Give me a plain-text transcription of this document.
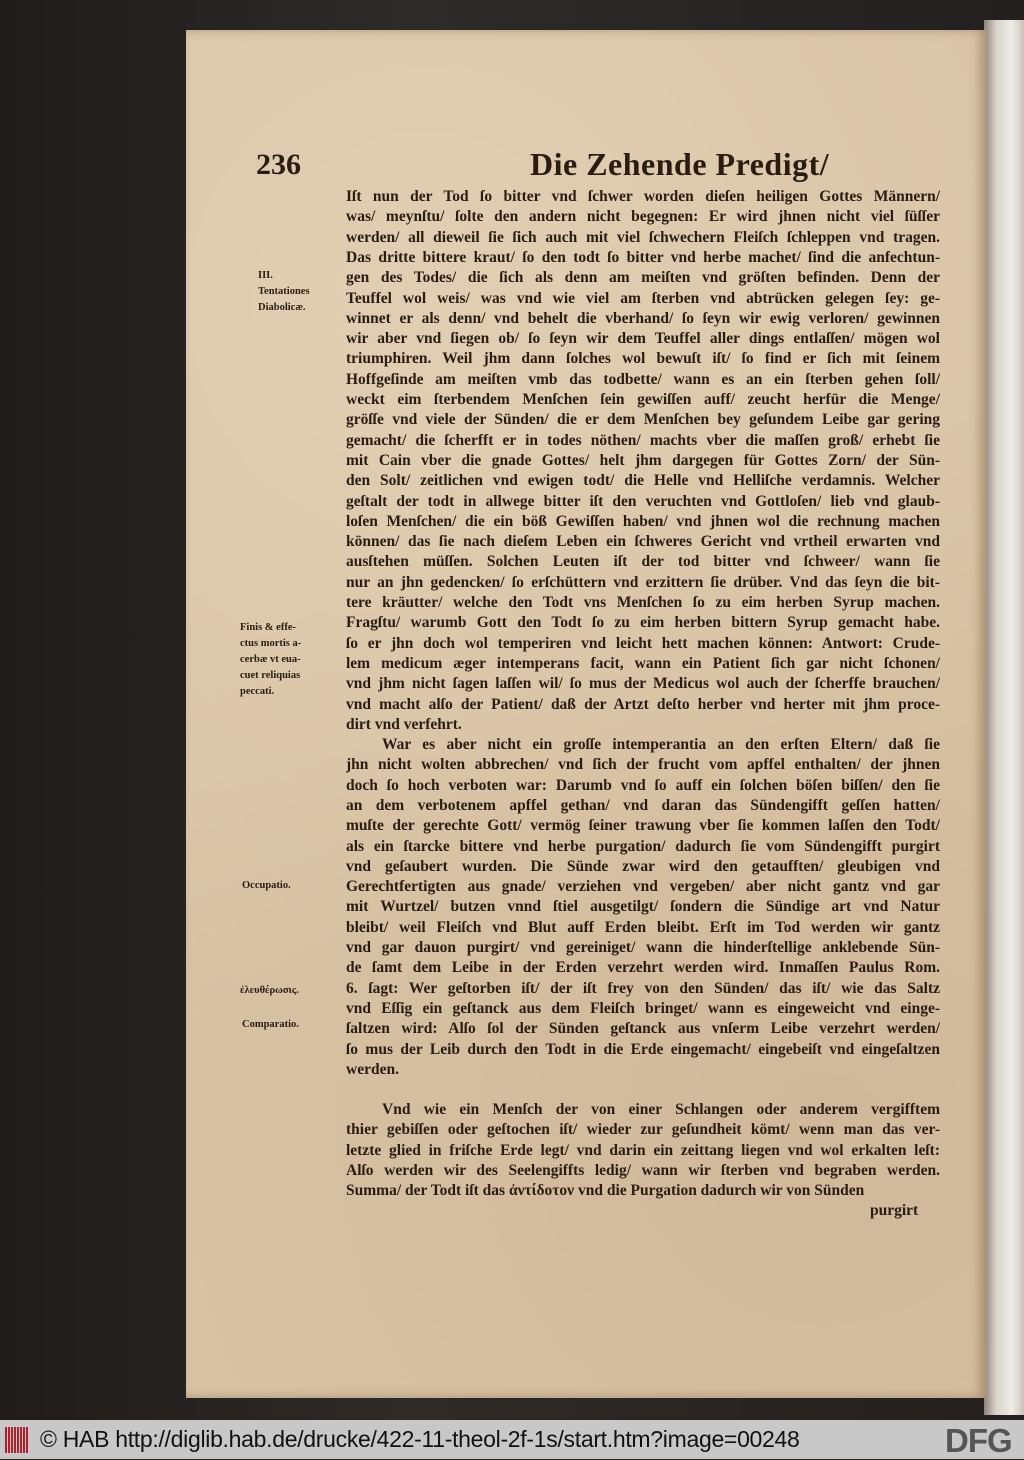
236	Die Zehende Predigt/
Iſt nun der Tod ſo bitter vnd ſchwer worden dieſen heiligen Gottes Männern/
was/ meynſtu/ ſolte den andern nicht begegnen: Er wird jhnen nicht viel ſüſſer
werden/ all dieweil ſie ſich auch mit viel ſchwechern Fleiſch ſchleppen vnd tragen.
Das dritte bittere kraut/ ſo den todt ſo bitter vnd herbe machet/ ſind die anfechtun-
gen des Todes/ die ſich als denn am meiſten vnd gröſten befinden. Denn der
Teuffel wol weis/ was vnd wie viel am ſterben vnd abtrücken gelegen ſey: ge-
winnet er als denn/ vnd behelt die vberhand/ ſo ſeyn wir ewig verloren/ gewinnen
wir aber vnd ſiegen ob/ ſo ſeyn wir dem Teuffel aller dings entlaſſen/ mögen wol
triumphiren. Weil jhm dann ſolches wol bewuſt iſt/ ſo find er ſich mit ſeinem
Hoffgeſinde am meiſten vmb das todbette/ wann es an ein ſterben gehen ſoll/
weckt eim ſterbendem Menſchen ſein gewiſſen auff/ zeucht herfür die Menge/
gröſſe vnd viele der Sünden/ die er dem Menſchen bey geſundem Leibe gar gering
gemacht/ die ſcherfft er in todes nöthen/ machts vber die maſſen groß/ erhebt ſie
mit Cain vber die gnade Gottes/ helt jhm dargegen für Gottes Zorn/ der Sün-
den Solt/ zeitlichen vnd ewigen todt/ die Helle vnd Helliſche verdamnis. Welcher
geſtalt der todt in allwege bitter iſt den veruchten vnd Gottloſen/ lieb vnd glaub-
loſen Menſchen/ die ein böß Gewiſſen haben/ vnd jhnen wol die rechnung machen
können/ das ſie nach dieſem Leben ein ſchweres Gericht vnd vrtheil erwarten vnd
ausſtehen müſſen. Solchen Leuten iſt der tod bitter vnd ſchweer/ wann ſie
nur an jhn gedencken/ ſo erſchüttern vnd erzittern ſie drüber. Vnd das ſeyn die bit-
tere kräutter/ welche den Todt vns Menſchen ſo zu eim herben Syrup machen.
Fragſtu/ warumb Gott den Todt ſo zu eim herben bittern Syrup gemacht habe.
ſo er jhn doch wol temperiren vnd leicht hett machen können: Antwort: Crude-
lem medicum æger intemperans facit, wann ein Patient ſich gar nicht ſchonen/
vnd jhm nicht ſagen laſſen wil/ ſo mus der Medicus wol auch der ſcherffe brauchen/
vnd macht alſo der Patient/ daß der Artzt deſto herber vnd herter mit jhm proce-
dirt vnd verfehrt.
War es aber nicht ein groſſe intemperantia an den erſten Eltern/ daß ſie
jhn nicht wolten abbrechen/ vnd ſich der frucht vom apffel enthalten/ der jhnen
doch ſo hoch verboten war: Darumb vnd ſo auff ein ſolchen böſen biſſen/ den ſie
an dem verbotenem apffel gethan/ vnd daran das Sündengifft geſſen hatten/
muſte der gerechte Gott/ vermög ſeiner trawung vber ſie kommen laſſen den Todt/
als ein ſtarcke bittere vnd herbe purgation/ dadurch ſie vom Sündengifft purgirt
vnd geſaubert wurden. Die Sünde zwar wird den getaufften/ gleubigen vnd
Gerechtfertigten aus gnade/ verziehen vnd vergeben/ aber nicht gantz vnd gar
mit Wurtzel/ butzen vnnd ſtiel ausgetilgt/ ſondern die Sündige art vnd Natur
bleibt/ weil Fleiſch vnd Blut auff Erden bleibt. Erſt im Tod werden wir gantz
vnd gar dauon purgirt/ vnd gereiniget/ wann die hinderſtellige anklebende Sün-
de ſamt dem Leibe in der Erden verzehrt werden wird. Inmaſſen Paulus Rom.
6. ſagt: Wer geſtorben iſt/ der iſt frey von den Sünden/ das iſt/ wie das Saltz
vnd Eſſig ein geſtanck aus dem Fleiſch bringet/ wann es eingeweicht vnd einge-
ſaltzen wird: Alſo ſol der Sünden geſtanck aus vnſerm Leibe verzehrt werden/
ſo mus der Leib durch den Todt in die Erde eingemacht/ eingebeiſt vnd eingeſaltzen
werden.
Vnd wie ein Menſch der von einer Schlangen oder anderem vergifftem
thier gebiſſen oder geſtochen iſt/ wieder zur geſundheit kömt/ wenn man das ver-
letzte glied in friſche Erde legt/ vnd darin ein zeittang liegen vnd wol erkalten leſt:
Alſo werden wir des Seelengiffts ledig/ wann wir ſterben vnd begraben werden.
Summa/ der Todt iſt das ἀντίδοτον vnd die Purgation dadurch wir von Sünden
III.
Tentationes
Diabolicæ.
Finis & effe-
ctus mortis a-
cerbæ vt eua-
cuet reliquias
peccati.
Occupatio.
ἐλευθέρωσις.
Comparatio.
purgirt
© HAB http://diglib.hab.de/drucke/422-11-theol-2f-1s/start.htm?image=00248	DFG
